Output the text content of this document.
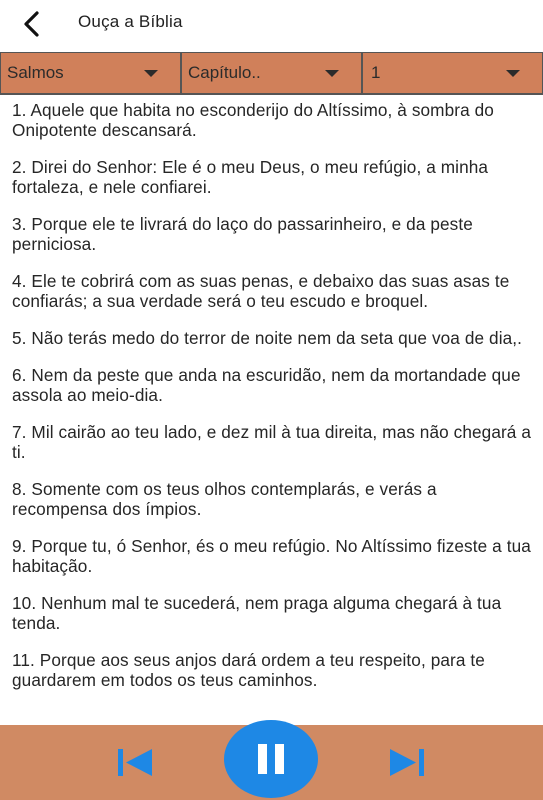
Ouça a Bíblia
Salmos	Capítulo..	1

1. Aquele que habita no esconderijo do Altíssimo, à sombra do Onipotente descansará.

2. Direi do Senhor: Ele é o meu Deus, o meu refúgio, a minha fortaleza, e nele confiarei.

3. Porque ele te livrará do laço do passarinheiro, e da peste perniciosa.

4. Ele te cobrirá com as suas penas, e debaixo das suas asas te confiarás; a sua verdade será o teu escudo e broquel.

5. Não terás medo do terror de noite nem da seta que voa de dia,.

6. Nem da peste que anda na escuridão, nem da mortandade que assola ao meio-dia.

7. Mil cairão ao teu lado, e dez mil à tua direita, mas não chegará a ti.

8. Somente com os teus olhos contemplarás, e verás a recompensa dos ímpios.

9. Porque tu, ó Senhor, és o meu refúgio. No Altíssimo fizeste a tua habitação.

10. Nenhum mal te sucederá, nem praga alguma chegará à tua tenda.

11. Porque aos seus anjos dará ordem a teu respeito, para te guardarem em todos os teus caminhos.
